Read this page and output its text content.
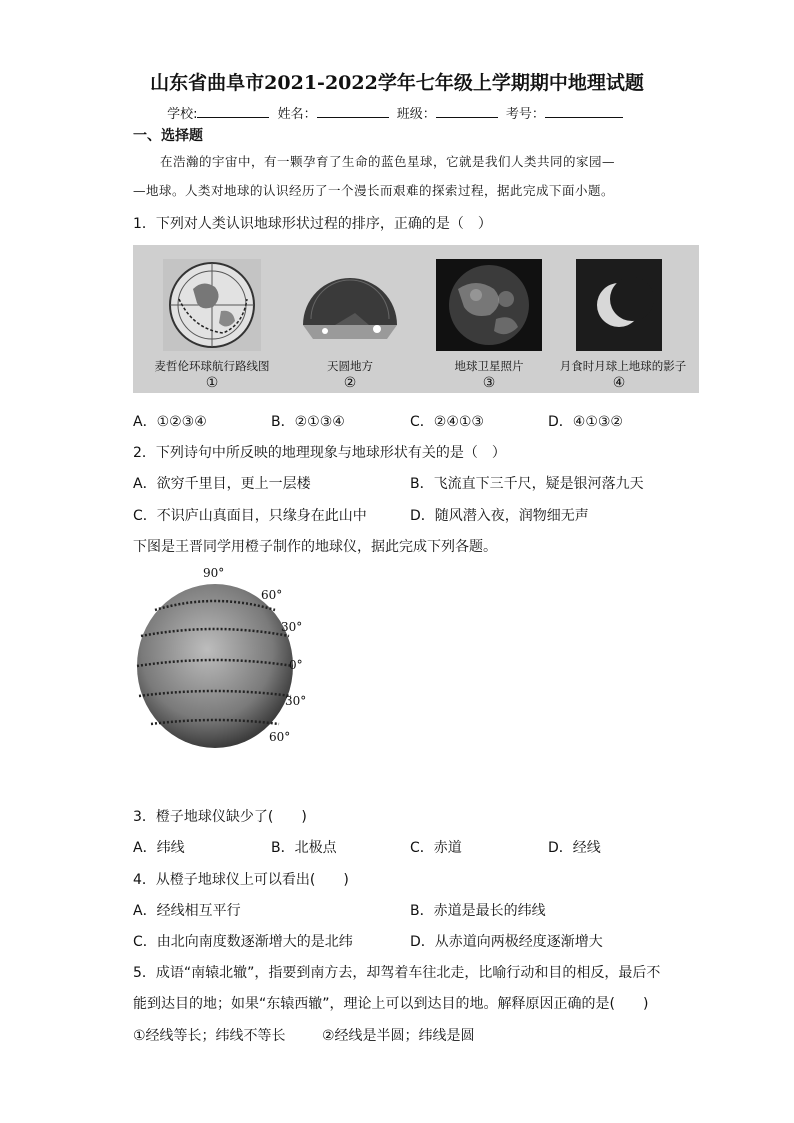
山东省曲阜市2021-2022学年七年级上学期期中地理试题
学校:	姓名：	班级：	考号：
一、选择题
在浩瀚的宇宙中，有一颗孕育了生命的蓝色星球，它就是我们人类共同的家园—
—地球。人类对地球的认识经历了一个漫长而艰难的探索过程，据此完成下面小题。
1．下列对人类认识地球形状过程的排序，正确的是（　）
麦哲伦环球航行路线图
①
天圆地方
②
地球卫星照片
③
月食时月球上地球的影子
④
A．①②③④	B．②①③④	C．②④①③	D．④①③②
2．下列诗句中所反映的地理现象与地球形状有关的是（　）
A．欲穷千里目，更上一层楼	B．飞流直下三千尺，疑是银河落九天
C．不识庐山真面目，只缘身在此山中	D．随风潜入夜，润物细无声
下图是王晋同学用橙子制作的地球仪，据此完成下列各题。
90°
60°
30°
0°
30°
60°
3．橙子地球仪缺少了(　　)
A．纬线	B．北极点	C．赤道	D．经线
4．从橙子地球仪上可以看出(　　)
A．经线相互平行	B．赤道是最长的纬线
C．由北向南度数逐渐增大的是北纬	D．从赤道向两极经度逐渐增大
5．成语“南辕北辙”，指要到南方去，却驾着车往北走，比喻行动和目的相反，最后不
能到达目的地；如果“东辕西辙”，理论上可以到达目的地。解释原因正确的是(　　)
①经线等长；纬线不等长	②经线是半圆；纬线是圆
